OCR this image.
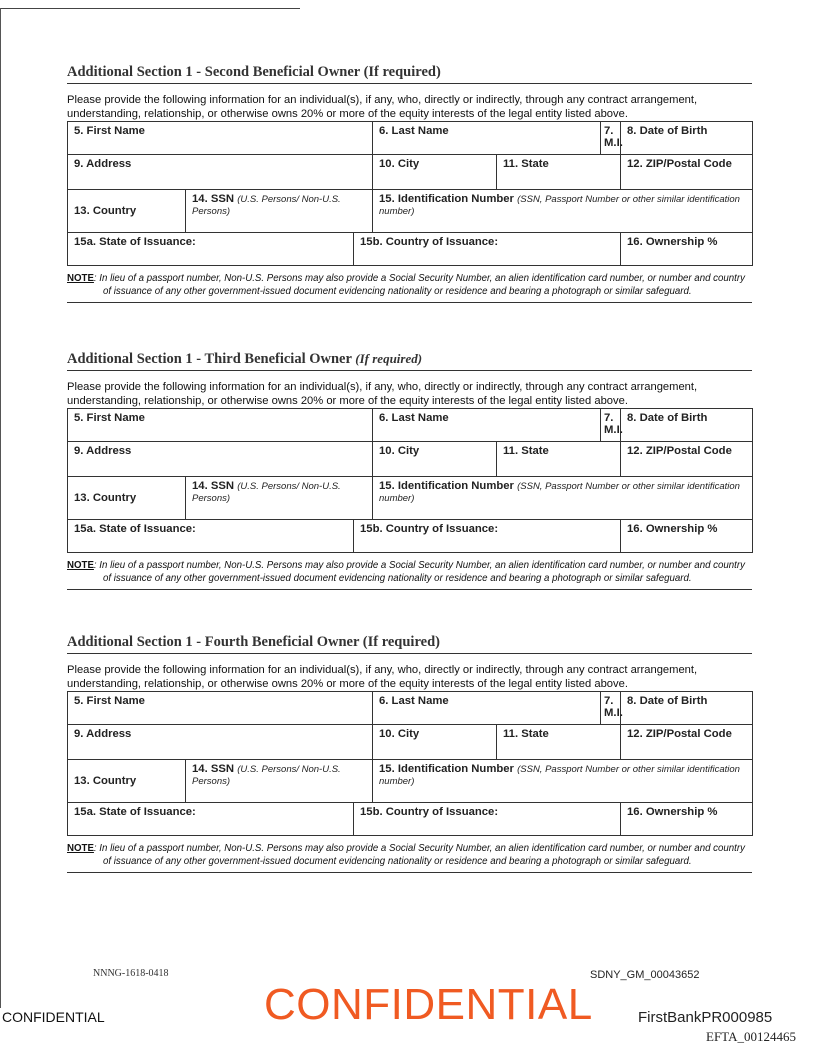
Additional Section 1 - Second Beneficial Owner (If required)
Please provide the following information for an individual(s), if any, who, directly or indirectly, through any contract arrangement, understanding, relationship, or otherwise owns 20% or more of the equity interests of the legal entity listed above.
5. First Name			6. Last Name		7. M.I.	8. Date of Birth
9. Address			10. City	11. State		12. ZIP/Postal Code
13. Country	14. SSN (U.S. Persons/ Non-U.S. Persons)		15. Identification Number (SSN, Passport Number or other similar identification number)			
15a. State of Issuance:		15b. Country of Issuance:				16. Ownership %
NOTE: In lieu of a passport number, Non-U.S. Persons may also provide a Social Security Number, an alien identification card number, or number and country of issuance of any other government-issued document evidencing nationality or residence and bearing a photograph or similar safeguard.
Additional Section 1 - Third Beneficial Owner (If required)
Please provide the following information for an individual(s), if any, who, directly or indirectly, through any contract arrangement, understanding, relationship, or otherwise owns 20% or more of the equity interests of the legal entity listed above.
5. First Name			6. Last Name		7. M.I.	8. Date of Birth
9. Address			10. City	11. State		12. ZIP/Postal Code
13. Country	14. SSN (U.S. Persons/ Non-U.S. Persons)		15. Identification Number (SSN, Passport Number or other similar identification number)			
15a. State of Issuance:		15b. Country of Issuance:				16. Ownership %
NOTE: In lieu of a passport number, Non-U.S. Persons may also provide a Social Security Number, an alien identification card number, or number and country of issuance of any other government-issued document evidencing nationality or residence and bearing a photograph or similar safeguard.
Additional Section 1 - Fourth Beneficial Owner (If required)
Please provide the following information for an individual(s), if any, who, directly or indirectly, through any contract arrangement, understanding, relationship, or otherwise owns 20% or more of the equity interests of the legal entity listed above.
5. First Name			6. Last Name		7. M.I.	8. Date of Birth
9. Address			10. City	11. State		12. ZIP/Postal Code
13. Country	14. SSN (U.S. Persons/ Non-U.S. Persons)		15. Identification Number (SSN, Passport Number or other similar identification number)			
15a. State of Issuance:		15b. Country of Issuance:				16. Ownership %
NOTE: In lieu of a passport number, Non-U.S. Persons may also provide a Social Security Number, an alien identification card number, or number and country of issuance of any other government-issued document evidencing nationality or residence and bearing a photograph or similar safeguard.
NNNG-1618-0418
CONFIDENTIAL	CONFIDENTIAL
SDNY_GM_00043652
FirstBankPR000985
EFTA_00124465
